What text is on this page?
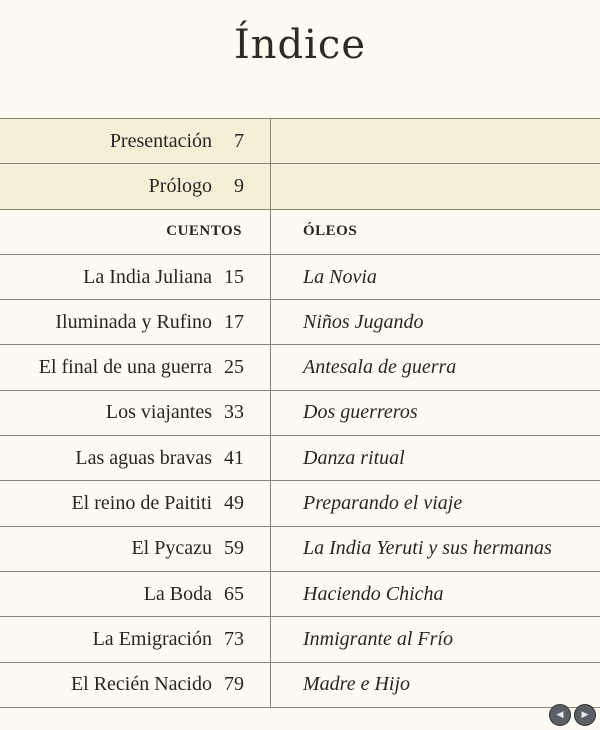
Índice
Presentación	7
Prólogo	9
CUENTOS	ÓLEOS
La India Juliana 15	La Novia
Iluminada y Rufino 17	Niños Jugando
El final de una guerra 25	Antesala de guerra
Los viajantes 33	Dos guerreros
Las aguas bravas 41	Danza ritual
El reino de Paititi 49	Preparando el viaje
El Pycazu 59	La India Yeruti y sus hermanas
La Boda 65	Haciendo Chicha
La Emigración 73	Inmigrante al Frío
El Recién Nacido 79	Madre e Hijo
◀	▶
